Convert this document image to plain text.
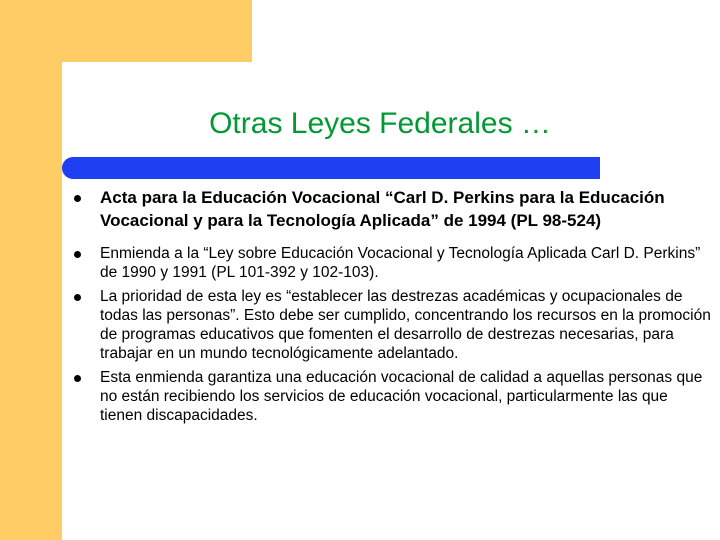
Otras Leyes Federales …
Acta para la Educación Vocacional “Carl D. Perkins para la Educación Vocacional y para la Tecnología Aplicada” de 1994 (PL 98-524)
Enmienda a la “Ley sobre Educación Vocacional y Tecnología Aplicada Carl D. Perkins” de 1990 y 1991 (PL 101-392 y 102-103).
La prioridad de esta ley es “establecer las destrezas académicas y ocupacionales de todas las personas”. Esto debe ser cumplido, concentrando los recursos en la promoción de programas educativos que fomenten el desarrollo de destrezas necesarias, para trabajar en un mundo tecnológicamente adelantado.
Esta enmienda garantiza una educación vocacional de calidad a aquellas personas que no están recibiendo los servicios de educación vocacional, particularmente las que tienen discapacidades.
